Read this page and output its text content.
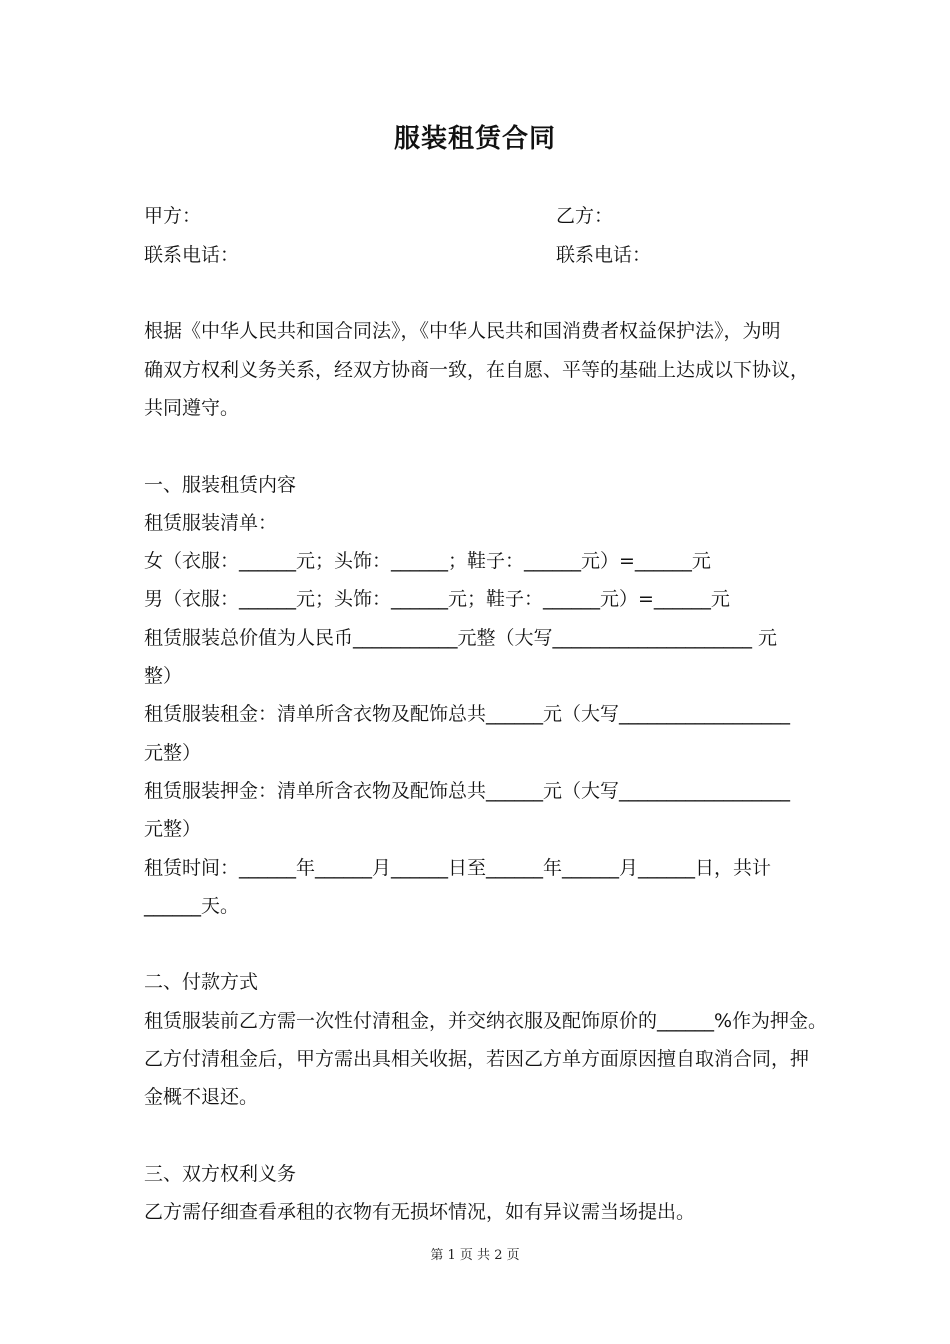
服装租赁合同
甲方：	乙方：
联系电话：	联系电话：
根据《中华人民共和国合同法》，《中华人民共和国消费者权益保护法》，为明
确双方权利义务关系，经双方协商一致，在自愿、平等的基础上达成以下协议，
共同遵守。
一、服装租赁内容
租赁服装清单：
女（衣服：______元；头饰：______；鞋子：______元）=______元
男（衣服：______元；头饰：______元；鞋子：______元）=______元
租赁服装总价值为人民币___________元整（大写_____________________ 元
整）
租赁服装租金：清单所含衣物及配饰总共______元（大写__________________
元整）
租赁服装押金：清单所含衣物及配饰总共______元（大写__________________
元整）
租赁时间：______年______月______日至______年______月______日，共计
______天。
二、付款方式
租赁服装前乙方需一次性付清租金，并交纳衣服及配饰原价的______%作为押金。
乙方付清租金后，甲方需出具相关收据，若因乙方单方面原因擅自取消合同，押
金概不退还。
三、双方权利义务
乙方需仔细查看承租的衣物有无损坏情况，如有异议需当场提出。
第 1 页 共 2 页
